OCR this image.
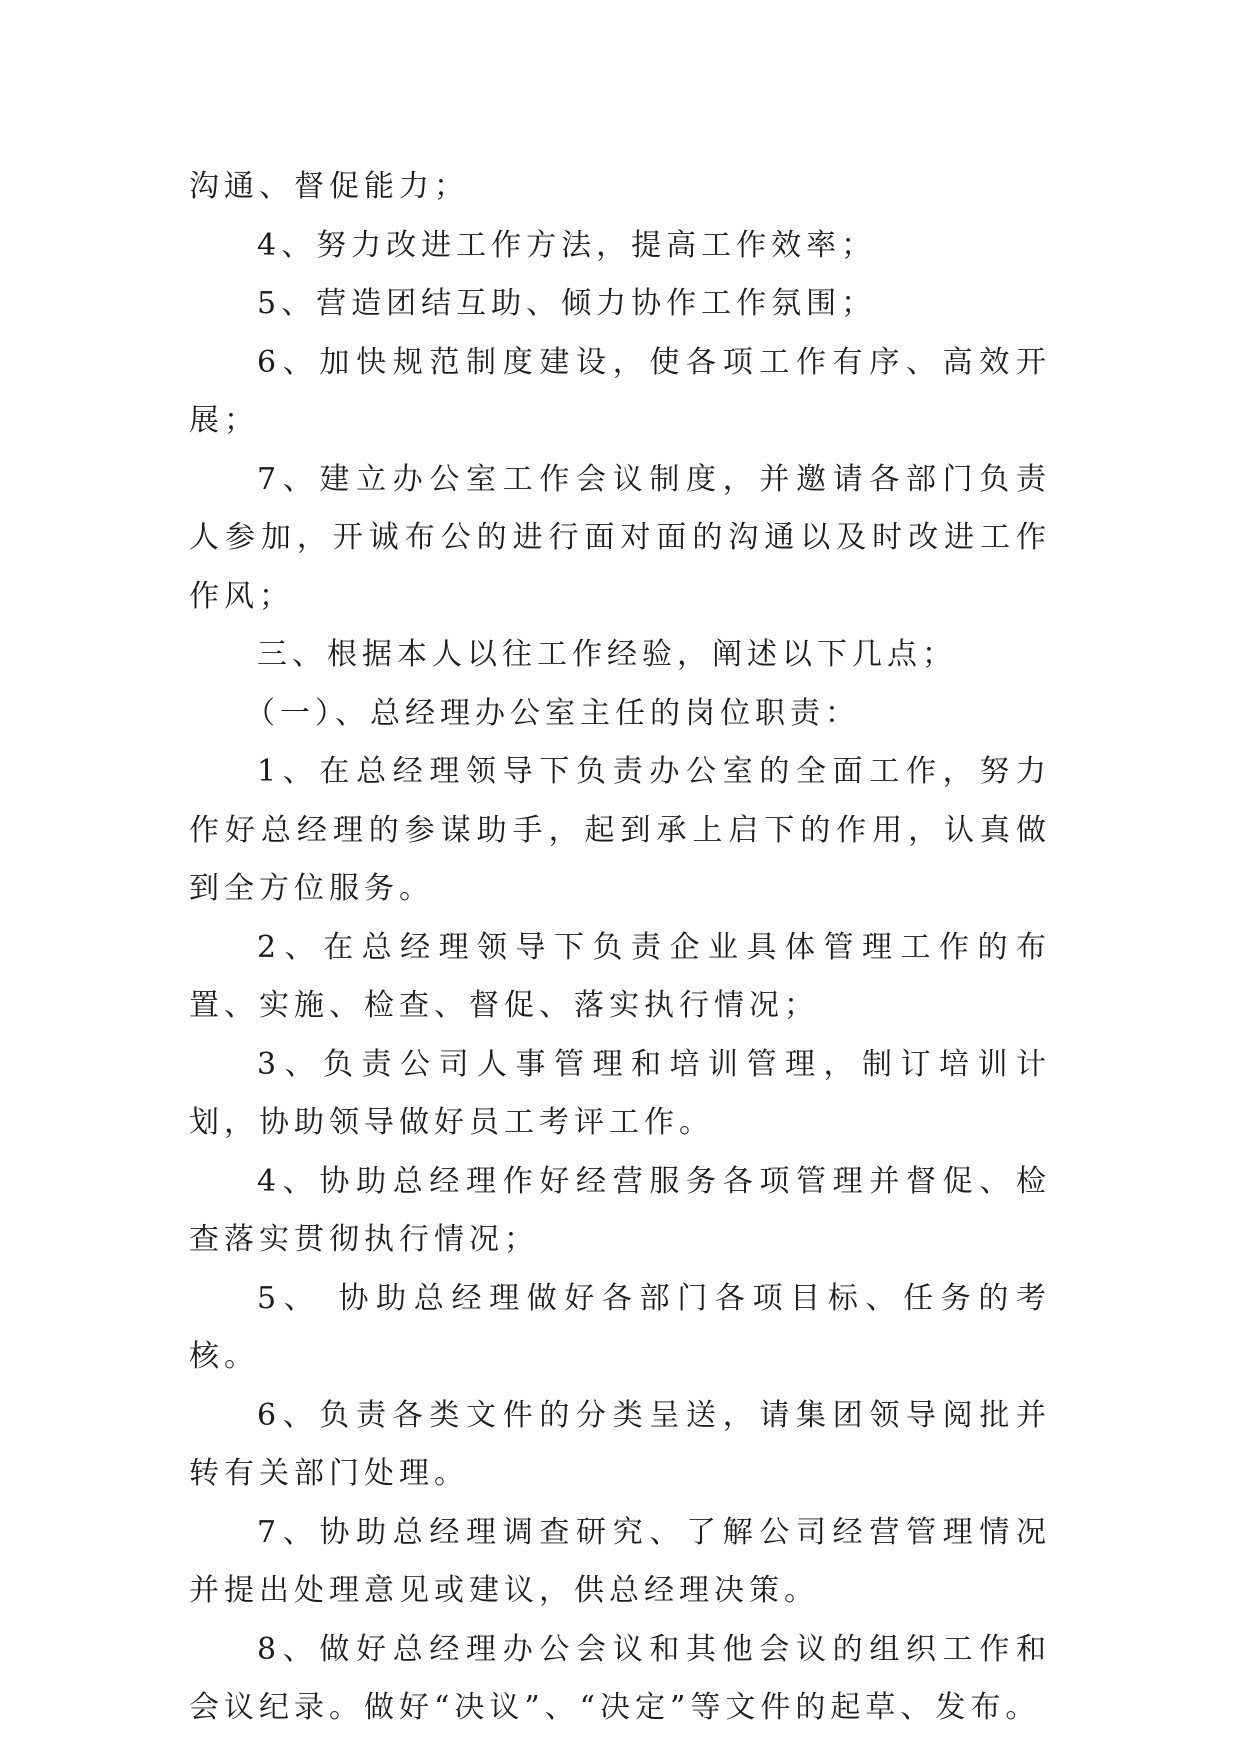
沟通、督促能力；

4、努力改进工作方法，提高工作效率；

5、营造团结互助、倾力协作工作氛围；

6、加快规范制度建设，使各项工作有序、高效开展；

7、建立办公室工作会议制度，并邀请各部门负责人参加，开诚布公的进行面对面的沟通以及时改进工作作风；

三、根据本人以往工作经验，阐述以下几点；

（一）、总经理办公室主任的岗位职责：

1、在总经理领导下负责办公室的全面工作，努力作好总经理的参谋助手，起到承上启下的作用，认真做到全方位服务。

2、在总经理领导下负责企业具体管理工作的布置、实施、检查、督促、落实执行情况；

3、负责公司人事管理和培训管理，制订培训计划，协助领导做好员工考评工作。

4、协助总经理作好经营服务各项管理并督促、检查落实贯彻执行情况；

5、 协助总经理做好各部门各项目标、任务的考核。

6、负责各类文件的分类呈送，请集团领导阅批并转有关部门处理。

7、协助总经理调查研究、了解公司经营管理情况并提出处理意见或建议，供总经理决策。

8、做好总经理办公会议和其他会议的组织工作和会议纪录。做好“决议”、“决定”等文件的起草、发布。
